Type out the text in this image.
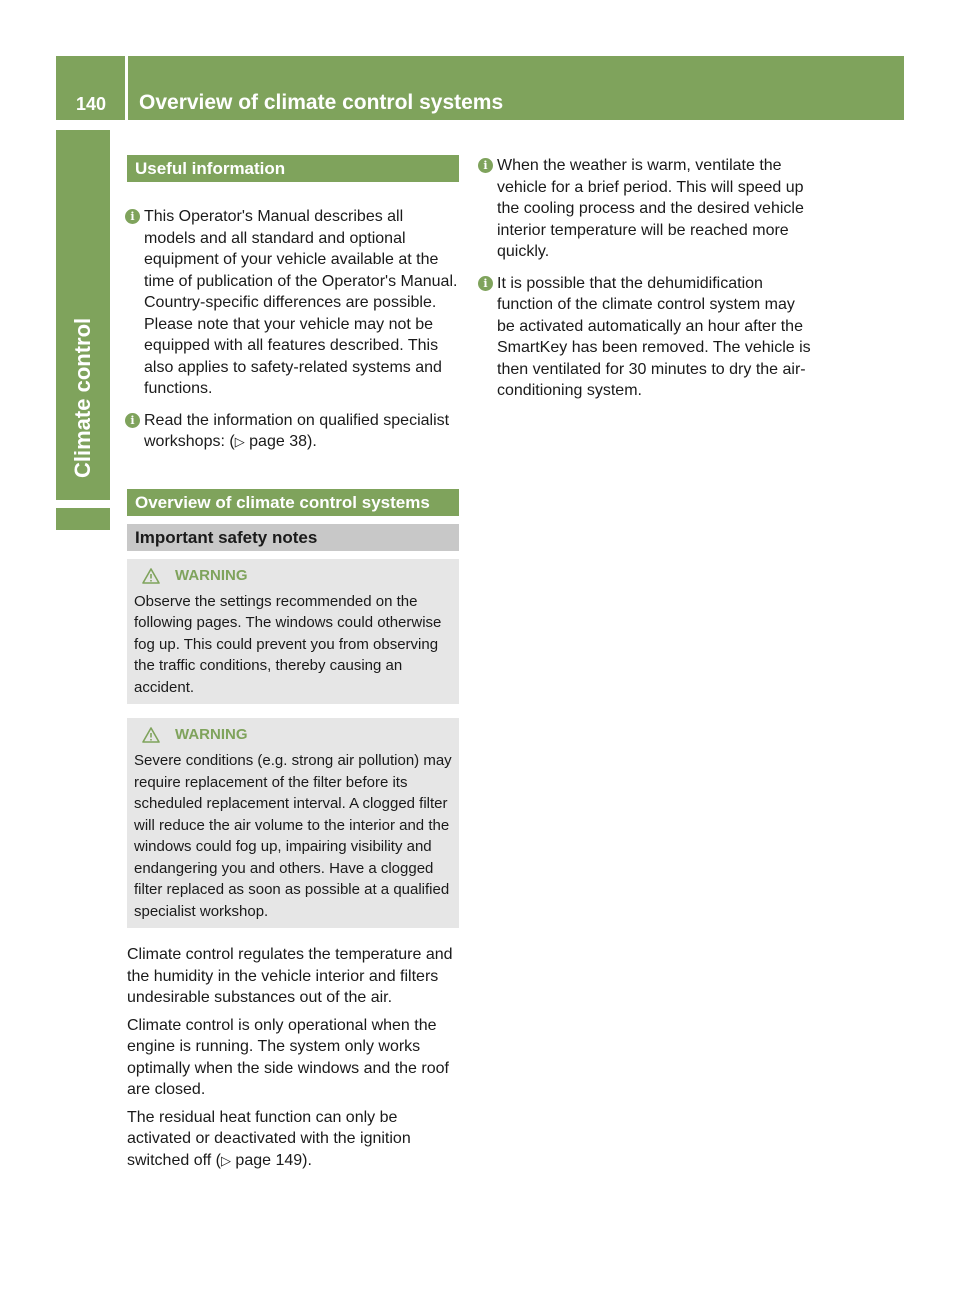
140	Overview of climate control systems
Climate control
Useful information
i This Operator's Manual describes all models and all standard and optional equipment of your vehicle available at the time of publication of the Operator's Manual. Country-specific differences are possible. Please note that your vehicle may not be equipped with all features described. This also applies to safety-related systems and functions.
i Read the information on qualified specialist workshops: (▷ page 38).
Overview of climate control systems
Important safety notes
WARNING
Observe the settings recommended on the following pages. The windows could otherwise fog up. This could prevent you from observing the traffic conditions, thereby causing an accident.
WARNING
Severe conditions (e.g. strong air pollution) may require replacement of the filter before its scheduled replacement interval. A clogged filter will reduce the air volume to the interior and the windows could fog up, impairing visibility and endangering you and others. Have a clogged filter replaced as soon as possible at a qualified specialist workshop.
Climate control regulates the temperature and the humidity in the vehicle interior and filters undesirable substances out of the air.
Climate control is only operational when the engine is running. The system only works optimally when the side windows and the roof are closed.
The residual heat function can only be activated or deactivated with the ignition switched off (▷ page 149).
i When the weather is warm, ventilate the vehicle for a brief period. This will speed up the cooling process and the desired vehicle interior temperature will be reached more quickly.
i It is possible that the dehumidification function of the climate control system may be activated automatically an hour after the SmartKey has been removed. The vehicle is then ventilated for 30 minutes to dry the air-conditioning system.
